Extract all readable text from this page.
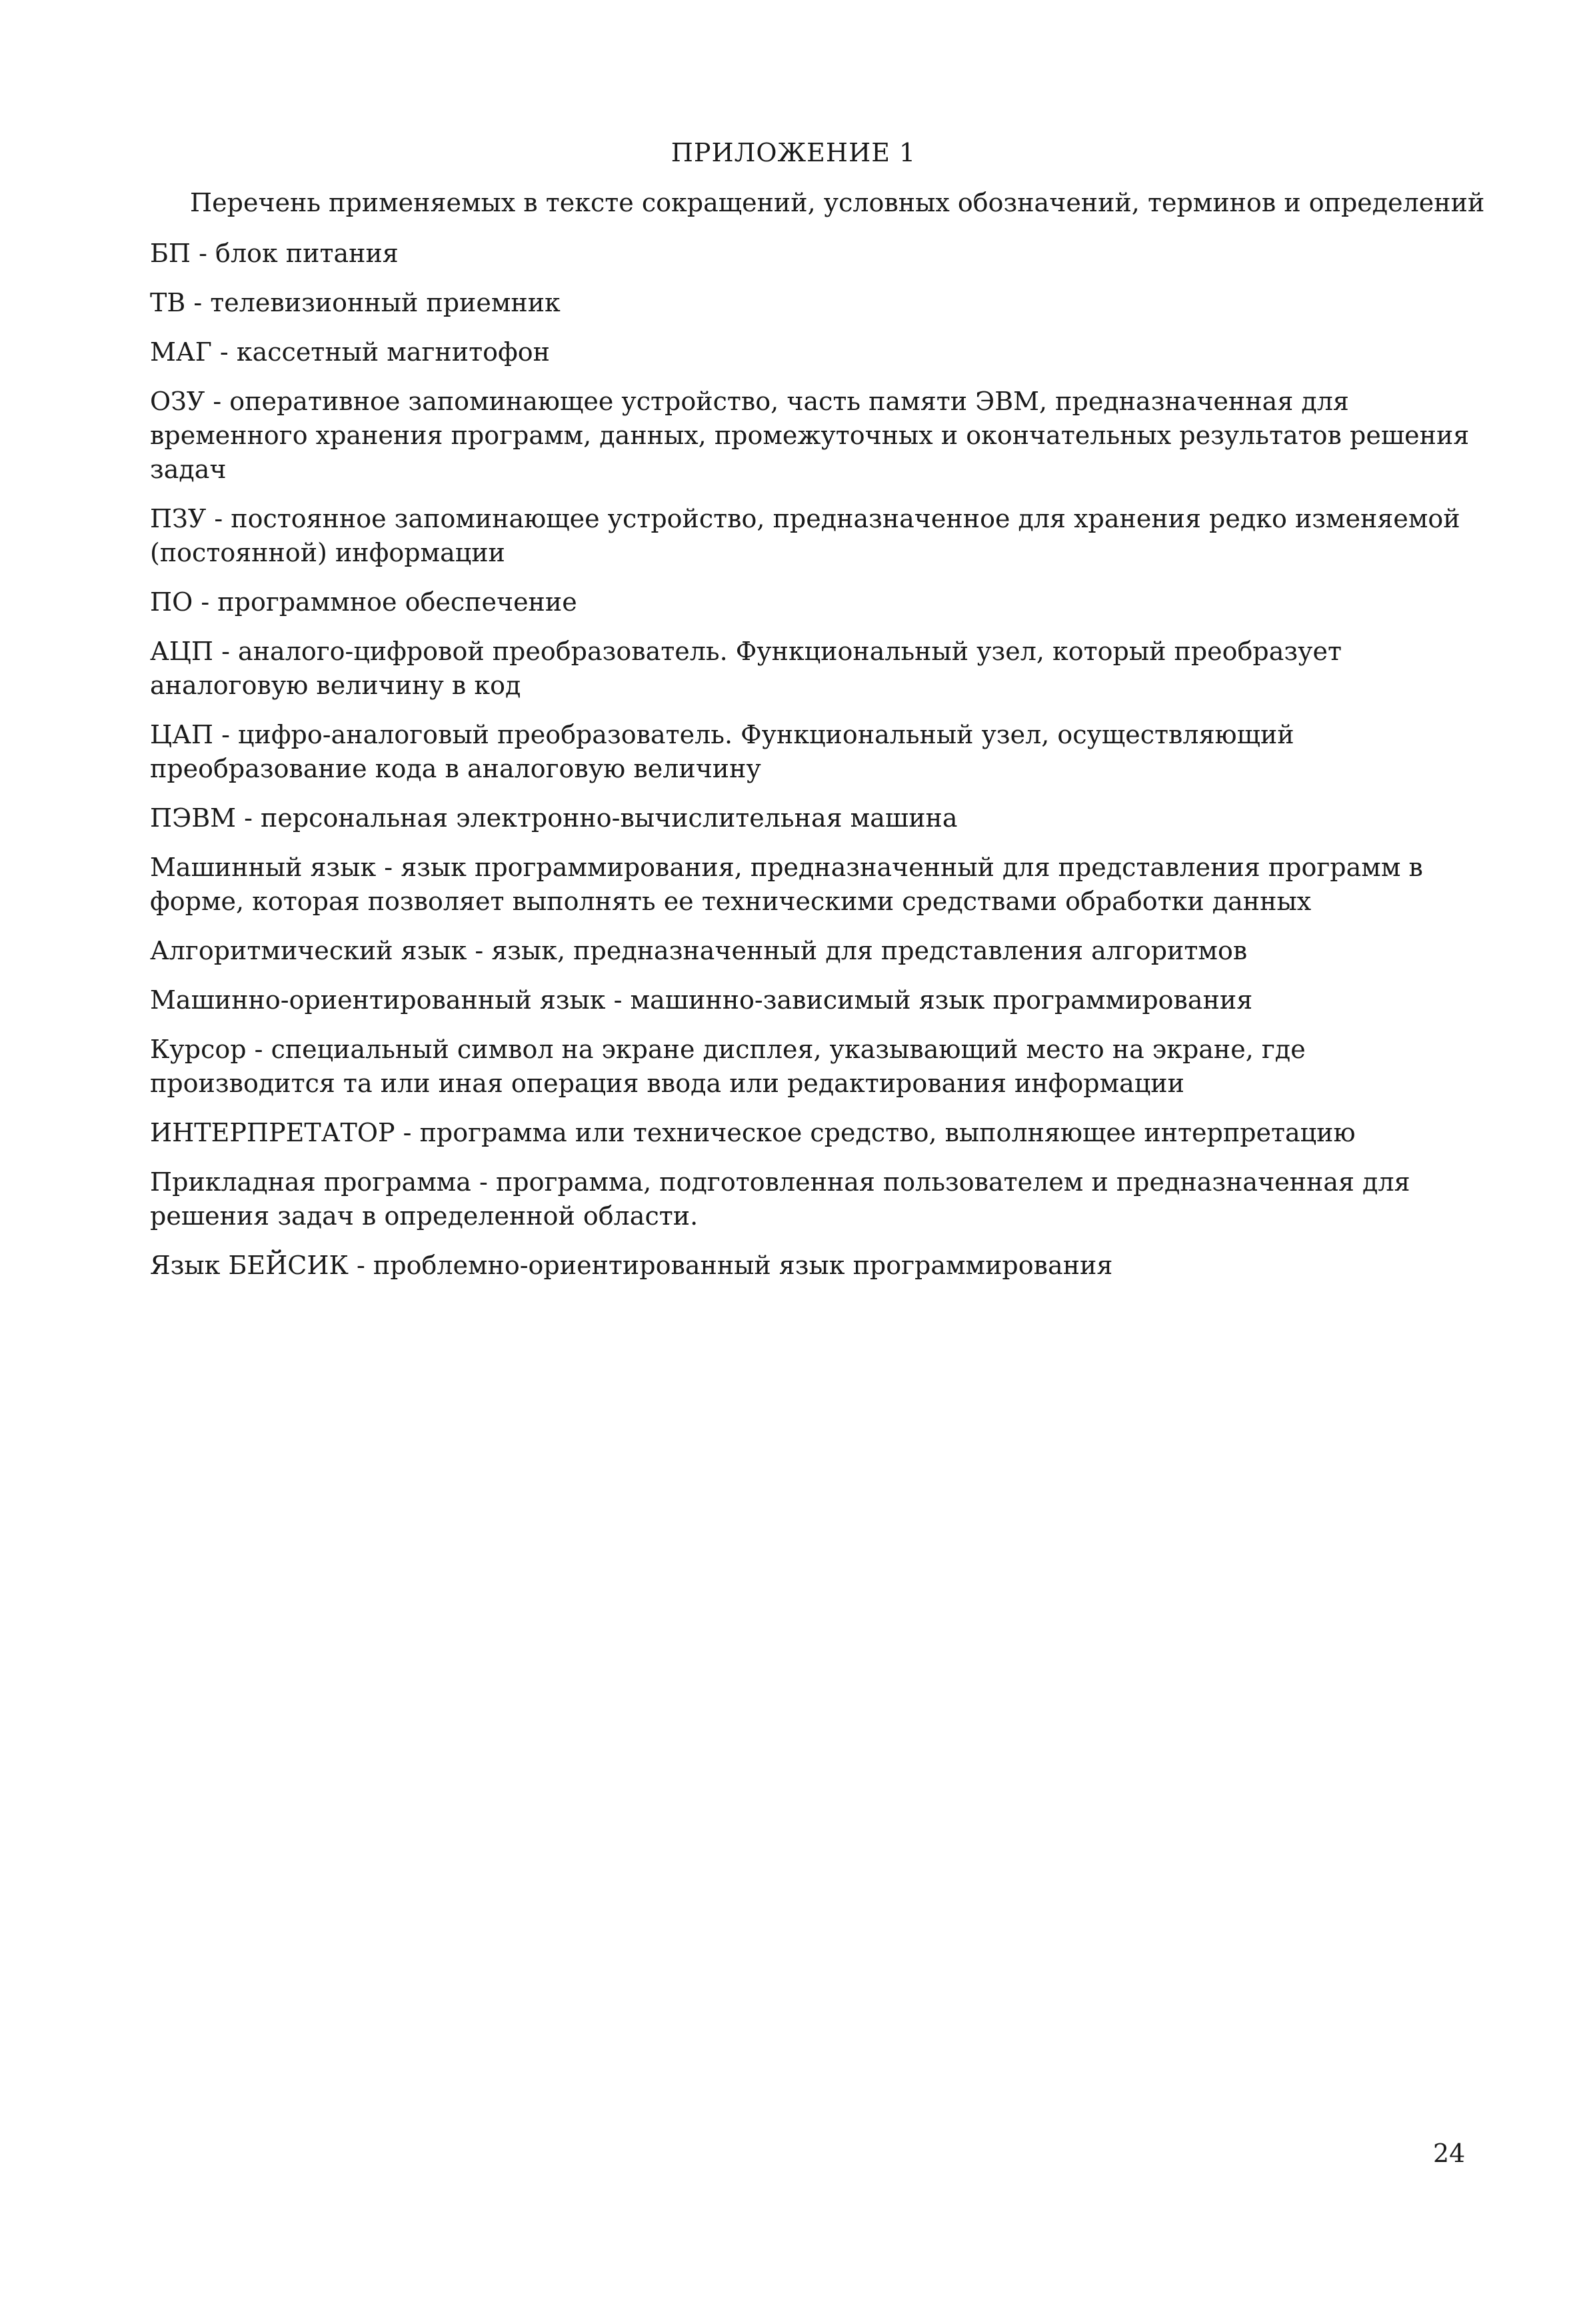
ПРИЛОЖЕНИЕ 1

Перечень применяемых в тексте сокращений, условных обозначений, терминов и определений

БП - блок питания
ТВ - телевизионный приемник
МАГ - кассетный магнитофон
ОЗУ - оперативное запоминающее устройство, часть памяти ЭВМ, предназначенная для временного хранения программ, данных, промежуточных и окончательных результатов решения задач
ПЗУ - постоянное запоминающее устройство, предназначенное для хранения редко изменяемой (постоянной) информации
ПО - программное обеспечение
АЦП - аналого-цифровой преобразователь. Функциональный узел, который преобразует аналоговую величину в код
ЦАП - цифро-аналоговый преобразователь. Функциональный узел, осуществляющий преобразование кода в аналоговую величину
ПЭВМ - персональная электронно-вычислительная машина
Машинный язык - язык программирования, предназначенный для представления программ в форме, которая позволяет выполнять ее техническими средствами обработки данных
Алгоритмический язык - язык, предназначенный для представления алгоритмов
Машинно-ориентированный язык - машинно-зависимый язык программирования
Курсор - специальный символ на экране дисплея, указывающий место на экране, где производится та или иная операция ввода или редактирования информации
ИНТЕРПРЕТАТОР - программа или техническое средство, выполняющее интерпретацию
Прикладная программа - программа, подготовленная пользователем и предназначенная для решения задач в определенной области.
Язык БЕЙСИК - проблемно-ориентированный язык программирования

24
